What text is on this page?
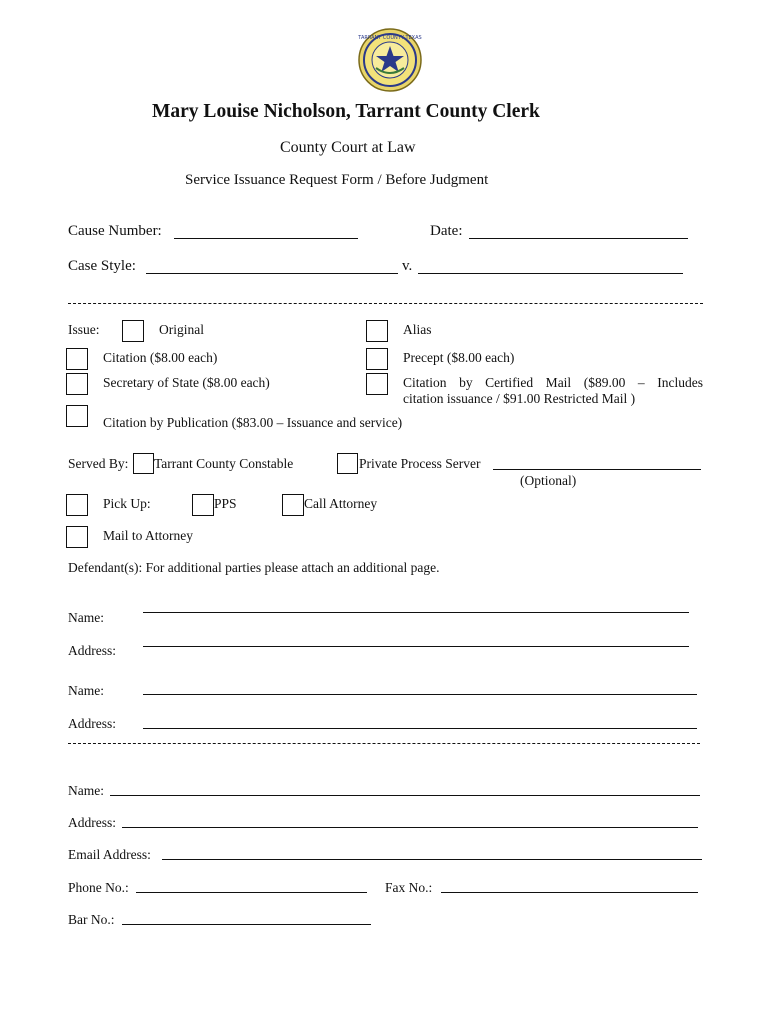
TARRANT COUNTY TEXAS
Mary Louise Nicholson, Tarrant County Clerk
County Court at Law
Service Issuance Request Form / Before Judgment
Cause Number:	Date:
Case Style:	v.
Issue:	Original	Alias
Citation ($8.00 each)	Precept ($8.00 each)
Secretary of State ($8.00 each)	Citation by Certified Mail ($89.00 – Includes
citation issuance / $91.00 Restricted Mail )
Citation by Publication ($83.00 – Issuance and service)
Served By: Tarrant County Constable	Private Process Server
(Optional)
Pick Up:	PPS	Call Attorney
Mail to Attorney
Defendant(s): For additional parties please attach an additional page.
Name:
Address:
Name:
Address:
Name:
Address:
Email Address:
Phone No.:	Fax No.:
Bar No.:
